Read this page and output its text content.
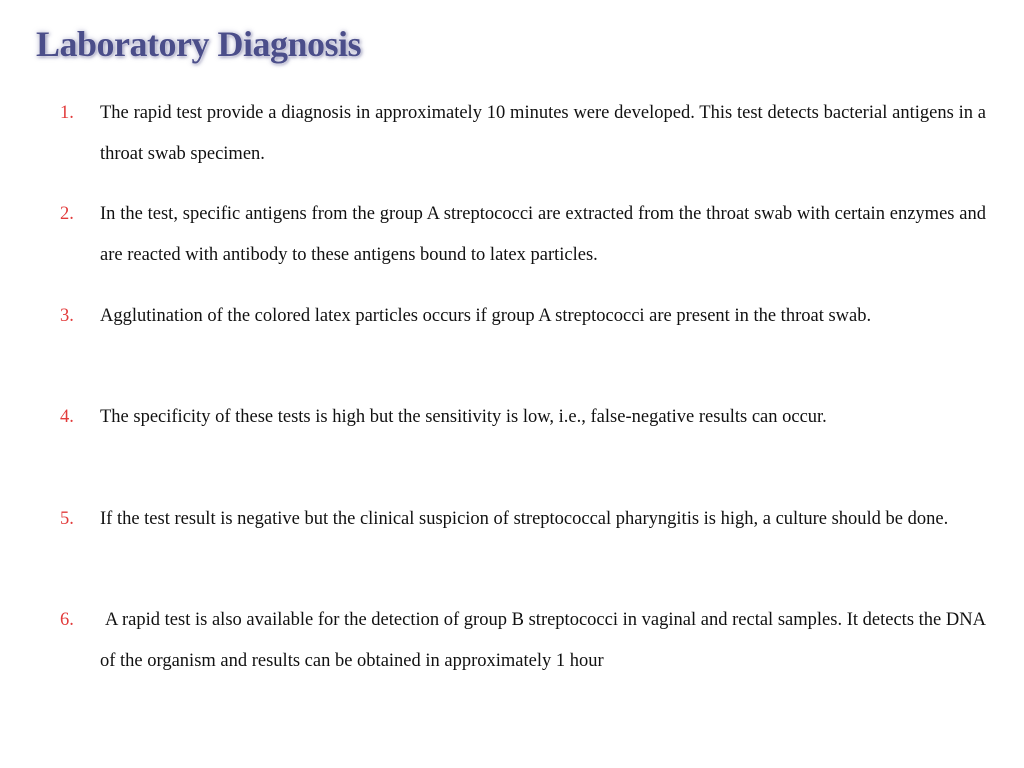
Laboratory Diagnosis
1. The rapid test provide a diagnosis in approximately 10 minutes were developed. This test detects bacterial antigens in a throat swab specimen.

2. In the test, specific antigens from the group A streptococci are extracted from the throat swab with certain enzymes and are reacted with antibody to these antigens bound to latex particles.

3. Agglutination of the colored latex particles occurs if group A streptococci are present in the throat swab.

4. The specificity of these tests is high but the sensitivity is low, i.e., false-negative results can occur.

5. If the test result is negative but the clinical suspicion of streptococcal pharyngitis is high, a culture should be done.

6. A rapid test is also available for the detection of group B streptococci in vaginal and rectal samples. It detects the DNA of the organism and results can be obtained in approximately 1 hour
